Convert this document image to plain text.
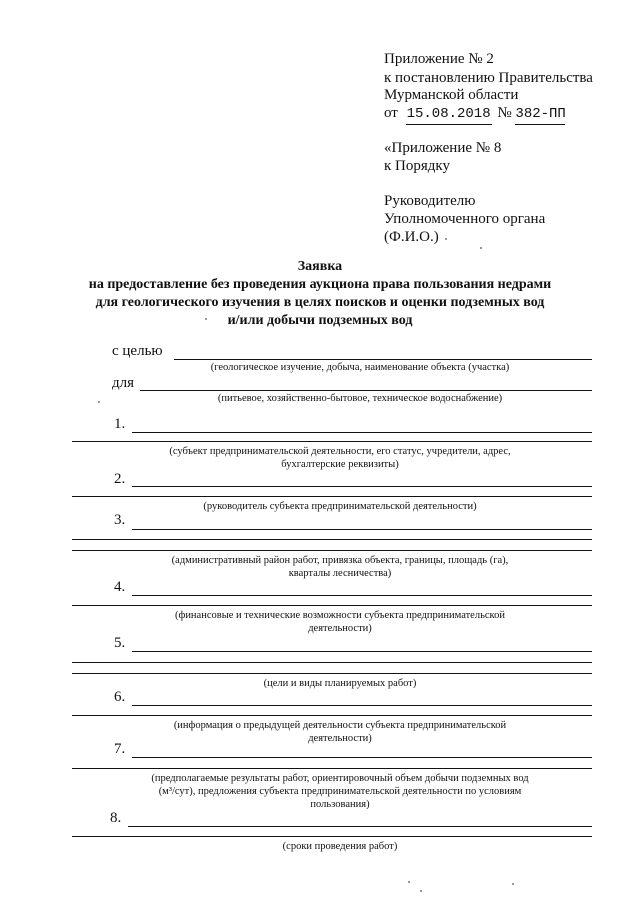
Приложение № 2
к постановлению Правительства
Мурманской области
от 15.08.2018 № 382-ПП
«Приложение № 8
к Порядку
Руководителю
Уполномоченного органа
(Ф.И.О.)
Заявка
на предоставление без проведения аукциона права пользования недрами
для геологического изучения в целях поисков и оценки подземных вод
и/или добычи подземных вод
с целью
(геологическое изучение, добыча, наименование объекта (участка)
для
(питьевое, хозяйственно-бытовое, техническое водоснабжение)
1.
(субъект предпринимательской деятельности, его статус, учредители, адрес,
бухгалтерские реквизиты)
2.
(руководитель субъекта предпринимательской деятельности)
3.
(административный район работ, привязка объекта, границы, площадь (га),
кварталы лесничества)
4.
(финансовые и технические возможности субъекта предпринимательской
деятельности)
5.
(цели и виды планируемых работ)
6.
(информация о предыдущей деятельности субъекта предпринимательской
деятельности)
7.
(предполагаемые результаты работ, ориентировочный объем добычи подземных вод
(м³/сут), предложения субъекта предпринимательской деятельности по условиям
пользования)
8.
(сроки проведения работ)
